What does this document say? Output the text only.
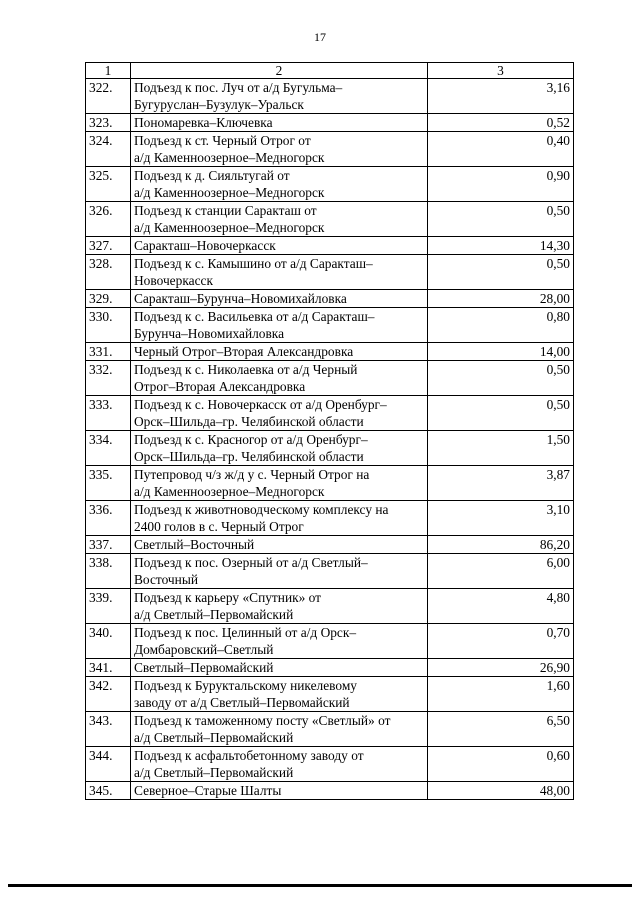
17
1	2	3
322.	Подъезд к пос. Луч от а/д Бугульма–
Бугуруслан–Бузулук–Уральск	3,16
323.	Пономаревка–Ключевка	0,52
324.	Подъезд к ст. Черный Отрог от
а/д Каменноозерное–Медногорск	0,40
325.	Подъезд к д. Сияльтугай от
а/д Каменноозерное–Медногорск	0,90
326.	Подъезд к станции Саракташ от
а/д Каменноозерное–Медногорск	0,50
327.	Саракташ–Новочеркасск	14,30
328.	Подъезд к с. Камышино от а/д Саракташ–
Новочеркасск	0,50
329.	Саракташ–Бурунча–Новомихайловка	28,00
330.	Подъезд к с. Васильевка от а/д Саракташ–
Бурунча–Новомихайловка	0,80
331.	Черный Отрог–Вторая Александровка	14,00
332.	Подъезд к с. Николаевка от а/д Черный
Отрог–Вторая Александровка	0,50
333.	Подъезд к с. Новочеркасск от а/д Оренбург–
Орск–Шильда–гр. Челябинской области	0,50
334.	Подъезд к с. Красногор от а/д Оренбург–
Орск–Шильда–гр. Челябинской области	1,50
335.	Путепровод ч/з ж/д у с. Черный Отрог на
а/д Каменноозерное–Медногорск	3,87
336.	Подъезд к животноводческому комплексу на
2400 голов в с. Черный Отрог	3,10
337.	Светлый–Восточный	86,20
338.	Подъезд к пос. Озерный от а/д Светлый–
Восточный	6,00
339.	Подъезд к карьеру «Спутник» от
а/д Светлый–Первомайский	4,80
340.	Подъезд к пос. Целинный от а/д Орск–
Домбаровский–Светлый	0,70
341.	Светлый–Первомайский	26,90
342.	Подъезд к Буруктальскому никелевому
заводу от а/д Светлый–Первомайский	1,60
343.	Подъезд к таможенному посту «Светлый» от
а/д Светлый–Первомайский	6,50
344.	Подъезд к асфальтобетонному заводу от
а/д Светлый–Первомайский	0,60
345.	Северное–Старые Шалты	48,00
